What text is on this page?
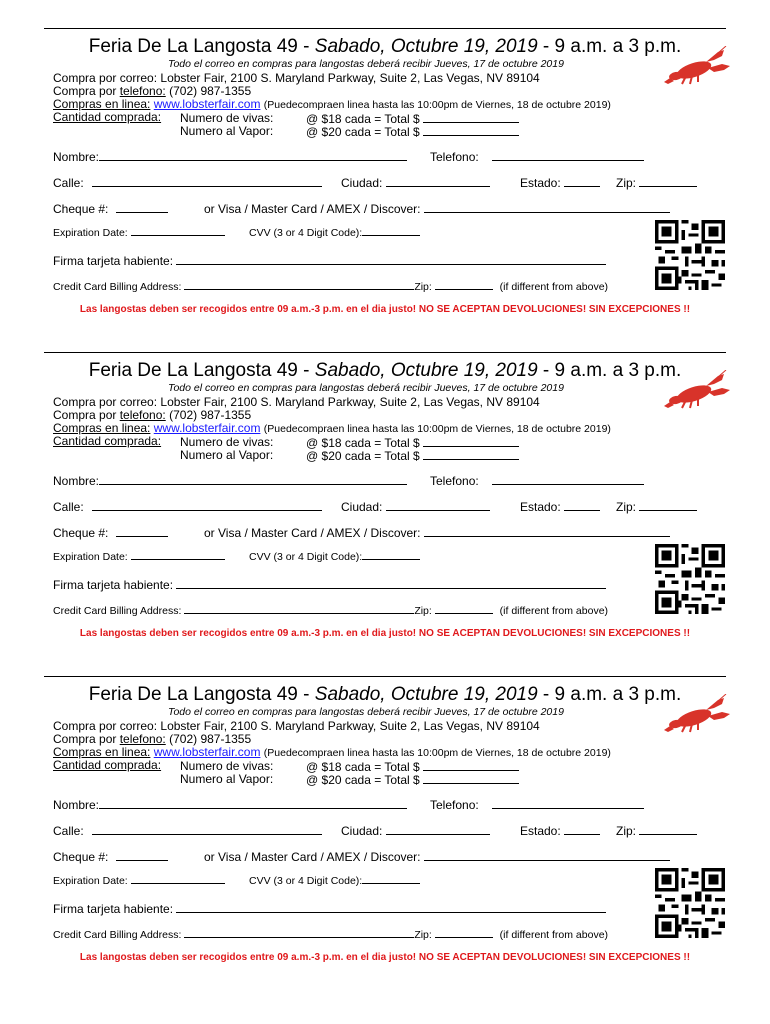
Feria De La Langosta 49 - Sabado, Octubre 19, 2019 - 9 a.m. a 3 p.m.
Todo el correo en compras para langostas deberá recibir Jueves, 17 de octubre 2019
Compra por correo: Lobster Fair, 2100 S. Maryland Parkway, Suite 2, Las Vegas, NV 89104
Compra por telefono: (702) 987-1355
Compras en linea: www.lobsterfair.com (Puedecompraen linea hasta las 10:00pm de Viernes, 18 de octubre 2019)
Cantidad comprada: Numero de vivas:	@ $18 cada = Total $
Numero al Vapor:	@ $20 cada = Total $
Nombre:	Telefono:
Calle:	Ciudad:	Estado:	Zip:
Cheque #:	or Visa / Master Card / AMEX / Discover:
Expiration Date:	CVV (3 or 4 Digit Code):
Firma tarjeta habiente:
Credit Card Billing Address:	Zip:	(if different from above)
Las langostas deben ser recogidos entre 09 a.m.-3 p.m. en el dia justo! NO SE ACEPTAN DEVOLUCIONES! SIN EXCEPCIONES !!
Feria De La Langosta 49 - Sabado, Octubre 19, 2019 - 9 a.m. a 3 p.m.
Todo el correo en compras para langostas deberá recibir Jueves, 17 de octubre 2019
Compra por correo: Lobster Fair, 2100 S. Maryland Parkway, Suite 2, Las Vegas, NV 89104
Compra por telefono: (702) 987-1355
Compras en linea: www.lobsterfair.com (Puedecompraen linea hasta las 10:00pm de Viernes, 18 de octubre 2019)
Cantidad comprada: Numero de vivas:	@ $18 cada = Total $
Numero al Vapor:	@ $20 cada = Total $
Nombre:	Telefono:
Calle:	Ciudad:	Estado:	Zip:
Cheque #:	or Visa / Master Card / AMEX / Discover:
Expiration Date:	CVV (3 or 4 Digit Code):
Firma tarjeta habiente:
Credit Card Billing Address:	Zip:	(if different from above)
Las langostas deben ser recogidos entre 09 a.m.-3 p.m. en el dia justo! NO SE ACEPTAN DEVOLUCIONES! SIN EXCEPCIONES !!
Feria De La Langosta 49 - Sabado, Octubre 19, 2019 - 9 a.m. a 3 p.m.
Todo el correo en compras para langostas deberá recibir Jueves, 17 de octubre 2019
Compra por correo: Lobster Fair, 2100 S. Maryland Parkway, Suite 2, Las Vegas, NV 89104
Compra por telefono: (702) 987-1355
Compras en linea: www.lobsterfair.com (Puedecompraen linea hasta las 10:00pm de Viernes, 18 de octubre 2019)
Cantidad comprada: Numero de vivas:	@ $18 cada = Total $
Numero al Vapor:	@ $20 cada = Total $
Nombre:	Telefono:
Calle:	Ciudad:	Estado:	Zip:
Cheque #:	or Visa / Master Card / AMEX / Discover:
Expiration Date:	CVV (3 or 4 Digit Code):
Firma tarjeta habiente:
Credit Card Billing Address:	Zip:	(if different from above)
Las langostas deben ser recogidos entre 09 a.m.-3 p.m. en el dia justo! NO SE ACEPTAN DEVOLUCIONES! SIN EXCEPCIONES !!
